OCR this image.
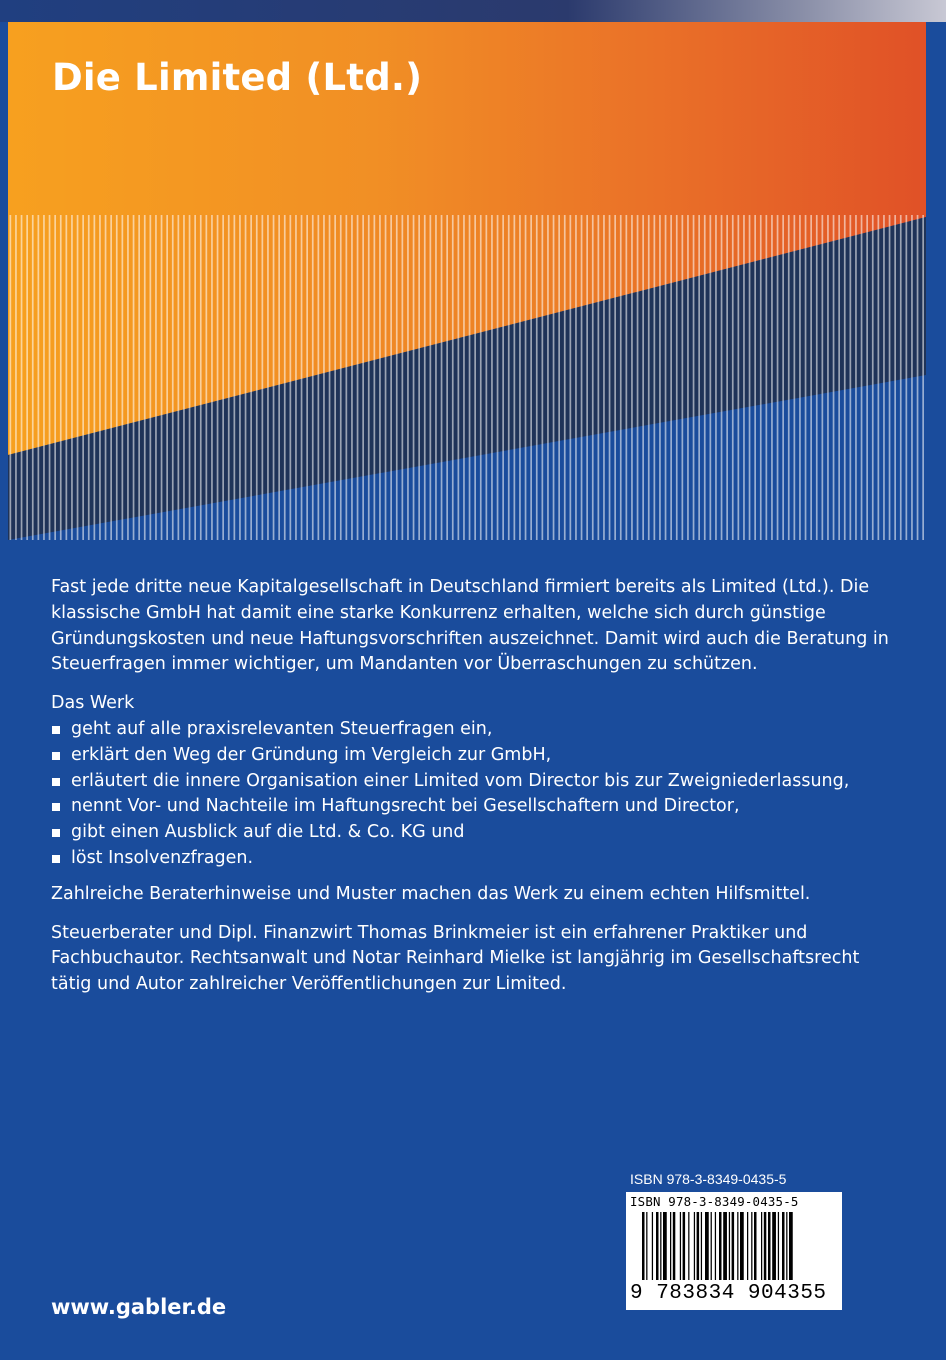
Die Limited (Ltd.)

Fast jede dritte neue Kapitalgesellschaft in Deutschland firmiert bereits als Limited (Ltd.). Die klassische GmbH hat damit eine starke Konkurrenz erhalten, welche sich durch günstige Gründungskosten und neue Haftungsvorschriften auszeichnet. Damit wird auch die Beratung in Steuerfragen immer wichtiger, um Mandanten vor Überraschungen zu schützen.

Das Werk

geht auf alle praxisrelevanten Steuerfragen ein,
erklärt den Weg der Gründung im Vergleich zur GmbH,
erläutert die innere Organisation einer Limited vom Director bis zur Zweigniederlassung,
nennt Vor- und Nachteile im Haftungsrecht bei Gesellschaftern und Director,
gibt einen Ausblick auf die Ltd. & Co. KG und
löst Insolvenzfragen.

Zahlreiche Beraterhinweise und Muster machen das Werk zu einem echten Hilfsmittel.

Steuerberater und Dipl. Finanzwirt Thomas Brinkmeier ist ein erfahrener Praktiker und Fachbuchautor. Rechtsanwalt und Notar Reinhard Mielke ist langjährig im Gesellschaftsrecht tätig und Autor zahlreicher Veröffentlichungen zur Limited.

ISBN 978-3-8349-0435-5
ISBN 978-3-8349-0435-5
9 783834 904355
www.gabler.de
